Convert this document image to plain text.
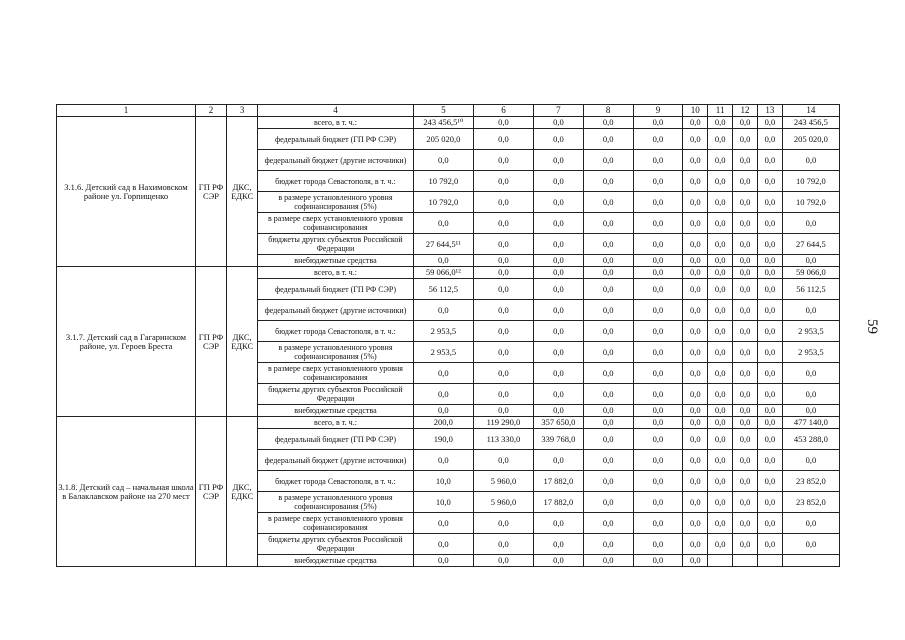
1	2	3	4	5	6	7	8	9	10	11	12	13	14
3.1.6. Детский сад в Нахимовском районе ул. Горпищенко	ГП РФ СЭР	ДКС, ЕДКС	всего, в т. ч.:	243 456,5¹⁰	0,0	0,0	0,0	0,0	0,0	0,0	0,0	0,0	243 456,5
			федеральный бюджет (ГП РФ СЭР)	205 020,0	0,0	0,0	0,0	0,0	0,0	0,0	0,0	0,0	205 020,0
			федеральный бюджет (другие источники)	0,0	0,0	0,0	0,0	0,0	0,0	0,0	0,0	0,0	0,0
			бюджет города Севастополя, в т. ч.:	10 792,0	0,0	0,0	0,0	0,0	0,0	0,0	0,0	0,0	10 792,0
			в размере установленного уровня софинансирования (5%)	10 792,0	0,0	0,0	0,0	0,0	0,0	0,0	0,0	0,0	10 792,0
			в размере сверх установленного уровня софинансирования	0,0	0,0	0,0	0,0	0,0	0,0	0,0	0,0	0,0	0,0
			бюджеты других субъектов Российской Федерации	27 644,5¹¹	0,0	0,0	0,0	0,0	0,0	0,0	0,0	0,0	27 644,5
			внебюджетные средства	0,0	0,0	0,0	0,0	0,0	0,0	0,0	0,0	0,0	0,0
3.1.7. Детский сад в Гагаринском районе, ул. Героев Бреста	ГП РФ СЭР	ДКС, ЕДКС	всего, в т. ч.:	59 066,0¹²	0,0	0,0	0,0	0,0	0,0	0,0	0,0	0,0	59 066,0
			федеральный бюджет (ГП РФ СЭР)	56 112,5	0,0	0,0	0,0	0,0	0,0	0,0	0,0	0,0	56 112,5
			федеральный бюджет (другие источники)	0,0	0,0	0,0	0,0	0,0	0,0	0,0	0,0	0,0	0,0
			бюджет города Севастополя, в т. ч.:	2 953,5	0,0	0,0	0,0	0,0	0,0	0,0	0,0	0,0	2 953,5
			в размере установленного уровня софинансирования (5%)	2 953,5	0,0	0,0	0,0	0,0	0,0	0,0	0,0	0,0	2 953,5
			в размере сверх установленного уровня софинансирования	0,0	0,0	0,0	0,0	0,0	0,0	0,0	0,0	0,0	0,0
			бюджеты других субъектов Российской Федерации	0,0	0,0	0,0	0,0	0,0	0,0	0,0	0,0	0,0	0,0
			внебюджетные средства	0,0	0,0	0,0	0,0	0,0	0,0	0,0	0,0	0,0	0,0
3.1.8. Детский сад – начальная школа в Балаклавском районе на 270 мест	ГП РФ СЭР	ДКС, ЕДКС	всего, в т. ч.:	200,0	119 290,0	357 650,0	0,0	0,0	0,0	0,0	0,0	0,0	477 140,0
			федеральный бюджет (ГП РФ СЭР)	190,0	113 330,0	339 768,0	0,0	0,0	0,0	0,0	0,0	0,0	453 288,0
			федеральный бюджет (другие источники)	0,0	0,0	0,0	0,0	0,0	0,0	0,0	0,0	0,0	0,0
			бюджет города Севастополя, в т. ч.:	10,0	5 960,0	17 882,0	0,0	0,0	0,0	0,0	0,0	0,0	23 852,0
			в размере установленного уровня софинансирования (5%)	10,0	5 960,0	17 882,0	0,0	0,0	0,0	0,0	0,0	0,0	23 852,0
			в размере сверх установленного уровня софинансирования	0,0	0,0	0,0	0,0	0,0	0,0	0,0	0,0	0,0	0,0
			бюджеты других субъектов Российской Федерации	0,0	0,0	0,0	0,0	0,0	0,0	0,0	0,0	0,0	0,0
			внебюджетные средства	0,0	0,0	0,0	0,0	0,0	0,0				
59
